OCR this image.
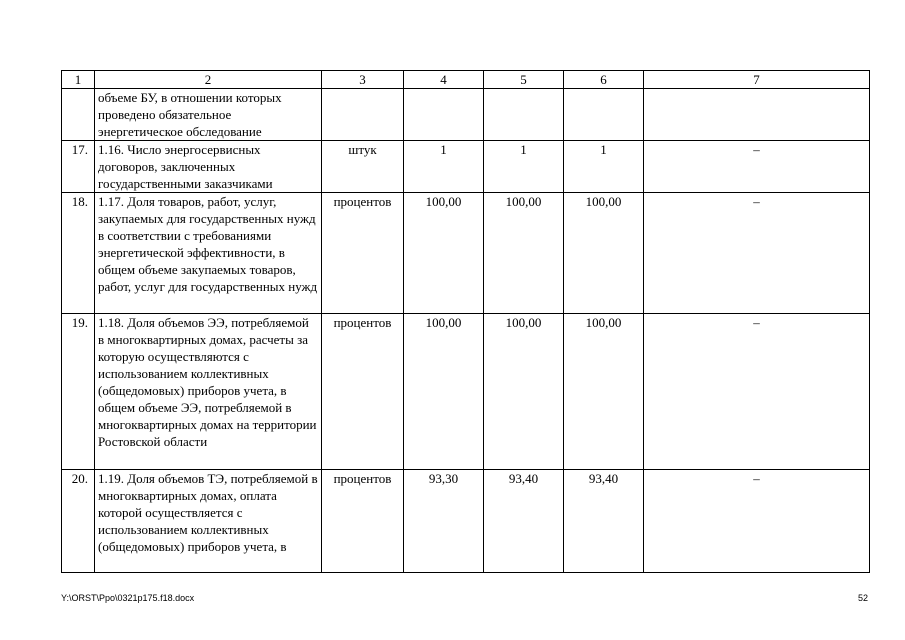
1	2	3	4	5	6	7
	объеме БУ, в отношении которых проведено обязательное энергетическое обследование					
17.	1.16. Число энергосервисных договоров, заключенных государственными заказчиками	штук	1	1	1	–
18.	1.17. Доля товаров, работ, услуг, закупаемых для государственных нужд в соответствии с требованиями энергетической эффективности, в общем объеме закупаемых товаров, работ, услуг для государственных нужд	процентов	100,00	100,00	100,00	–
19.	1.18. Доля объемов ЭЭ, потребляемой в многоквартирных домах, расчеты за которую осуществляются с использованием коллективных (общедомовых) приборов учета, в общем объеме ЭЭ, потребляемой в многоквартирных домах на территории Ростовской области	процентов	100,00	100,00	100,00	–
20.	1.19. Доля объемов ТЭ, потребляемой в многоквартирных домах, оплата которой осуществляется с использованием коллективных (общедомовых) приборов учета, в	процентов	93,30	93,40	93,40	–
Y:\ORST\Ppo\0321p175.f18.docx	52
